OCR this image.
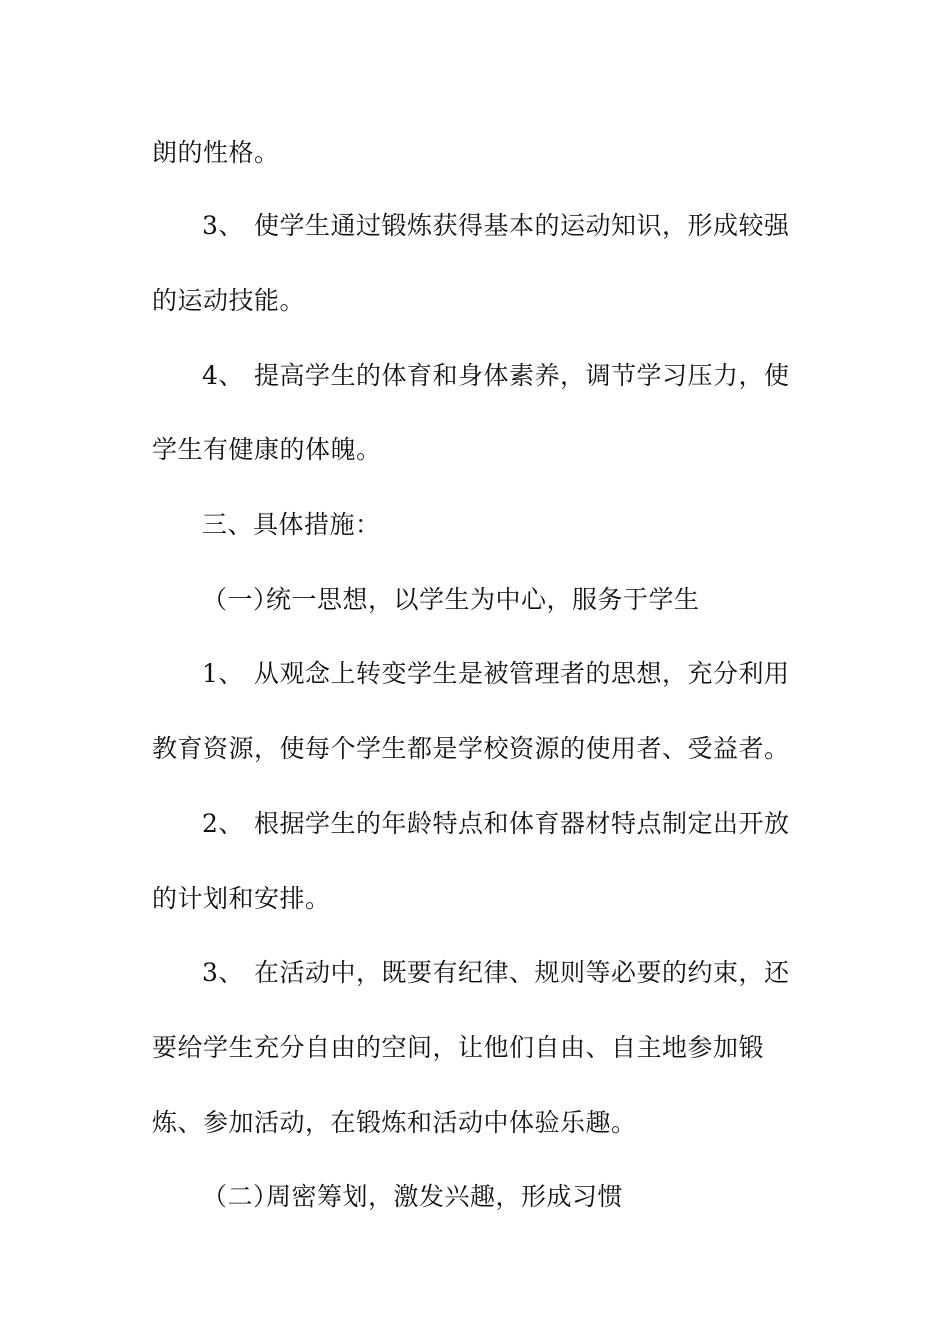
朗的性格。
3、 使学生通过锻炼获得基本的运动知识，形成较强
的运动技能。
4、 提高学生的体育和身体素养，调节学习压力，使
学生有健康的体魄。
三、具体措施：
（一）统一思想，以学生为中心，服务于学生
1、 从观念上转变学生是被管理者的思想，充分利用
教育资源，使每个学生都是学校资源的使用者、受益者。
2、 根据学生的年龄特点和体育器材特点制定出开放
的计划和安排。
3、 在活动中，既要有纪律、规则等必要的约束，还
要给学生充分自由的空间，让他们自由、自主地参加锻
炼、参加活动，在锻炼和活动中体验乐趣。
（二）周密筹划，激发兴趣，形成习惯
